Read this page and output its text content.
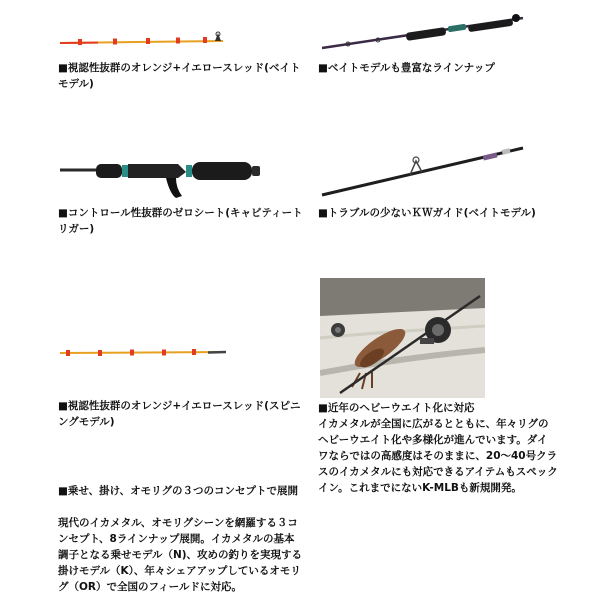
■視認性抜群のオレンジ+イエロースレッド(ベイトモデル)

■ベイトモデルも豊富なラインナップ

■コントロール性抜群のゼロシート(キャビティートリガー)

■トラブルの少ないＫＷガイド(ベイトモデル)

■視認性抜群のオレンジ+イエロースレッド(スピニングモデル)

■近年のヘビーウエイト化に対応

イカメタルが全国に広がるとともに、年々リグのヘビーウエイト化や多様化が進んでいます。ダイワならではの高感度はそのままに、20～40号クラスのイカメタルにも対応できるアイテムもスペックイン。これまでにないK-MLBも新規開発。

■乗せ、掛け、オモリグの３つのコンセプトで展開

現代のイカメタル、オモリグシーンを網羅する３コンセプト、8ラインナップ展開。イカメタルの基本調子となる乗せモデル（N)、攻めの釣りを実現する掛けモデル（K）、年々シェアアップしているオモリグ（OR）で全国のフィールドに対応。
